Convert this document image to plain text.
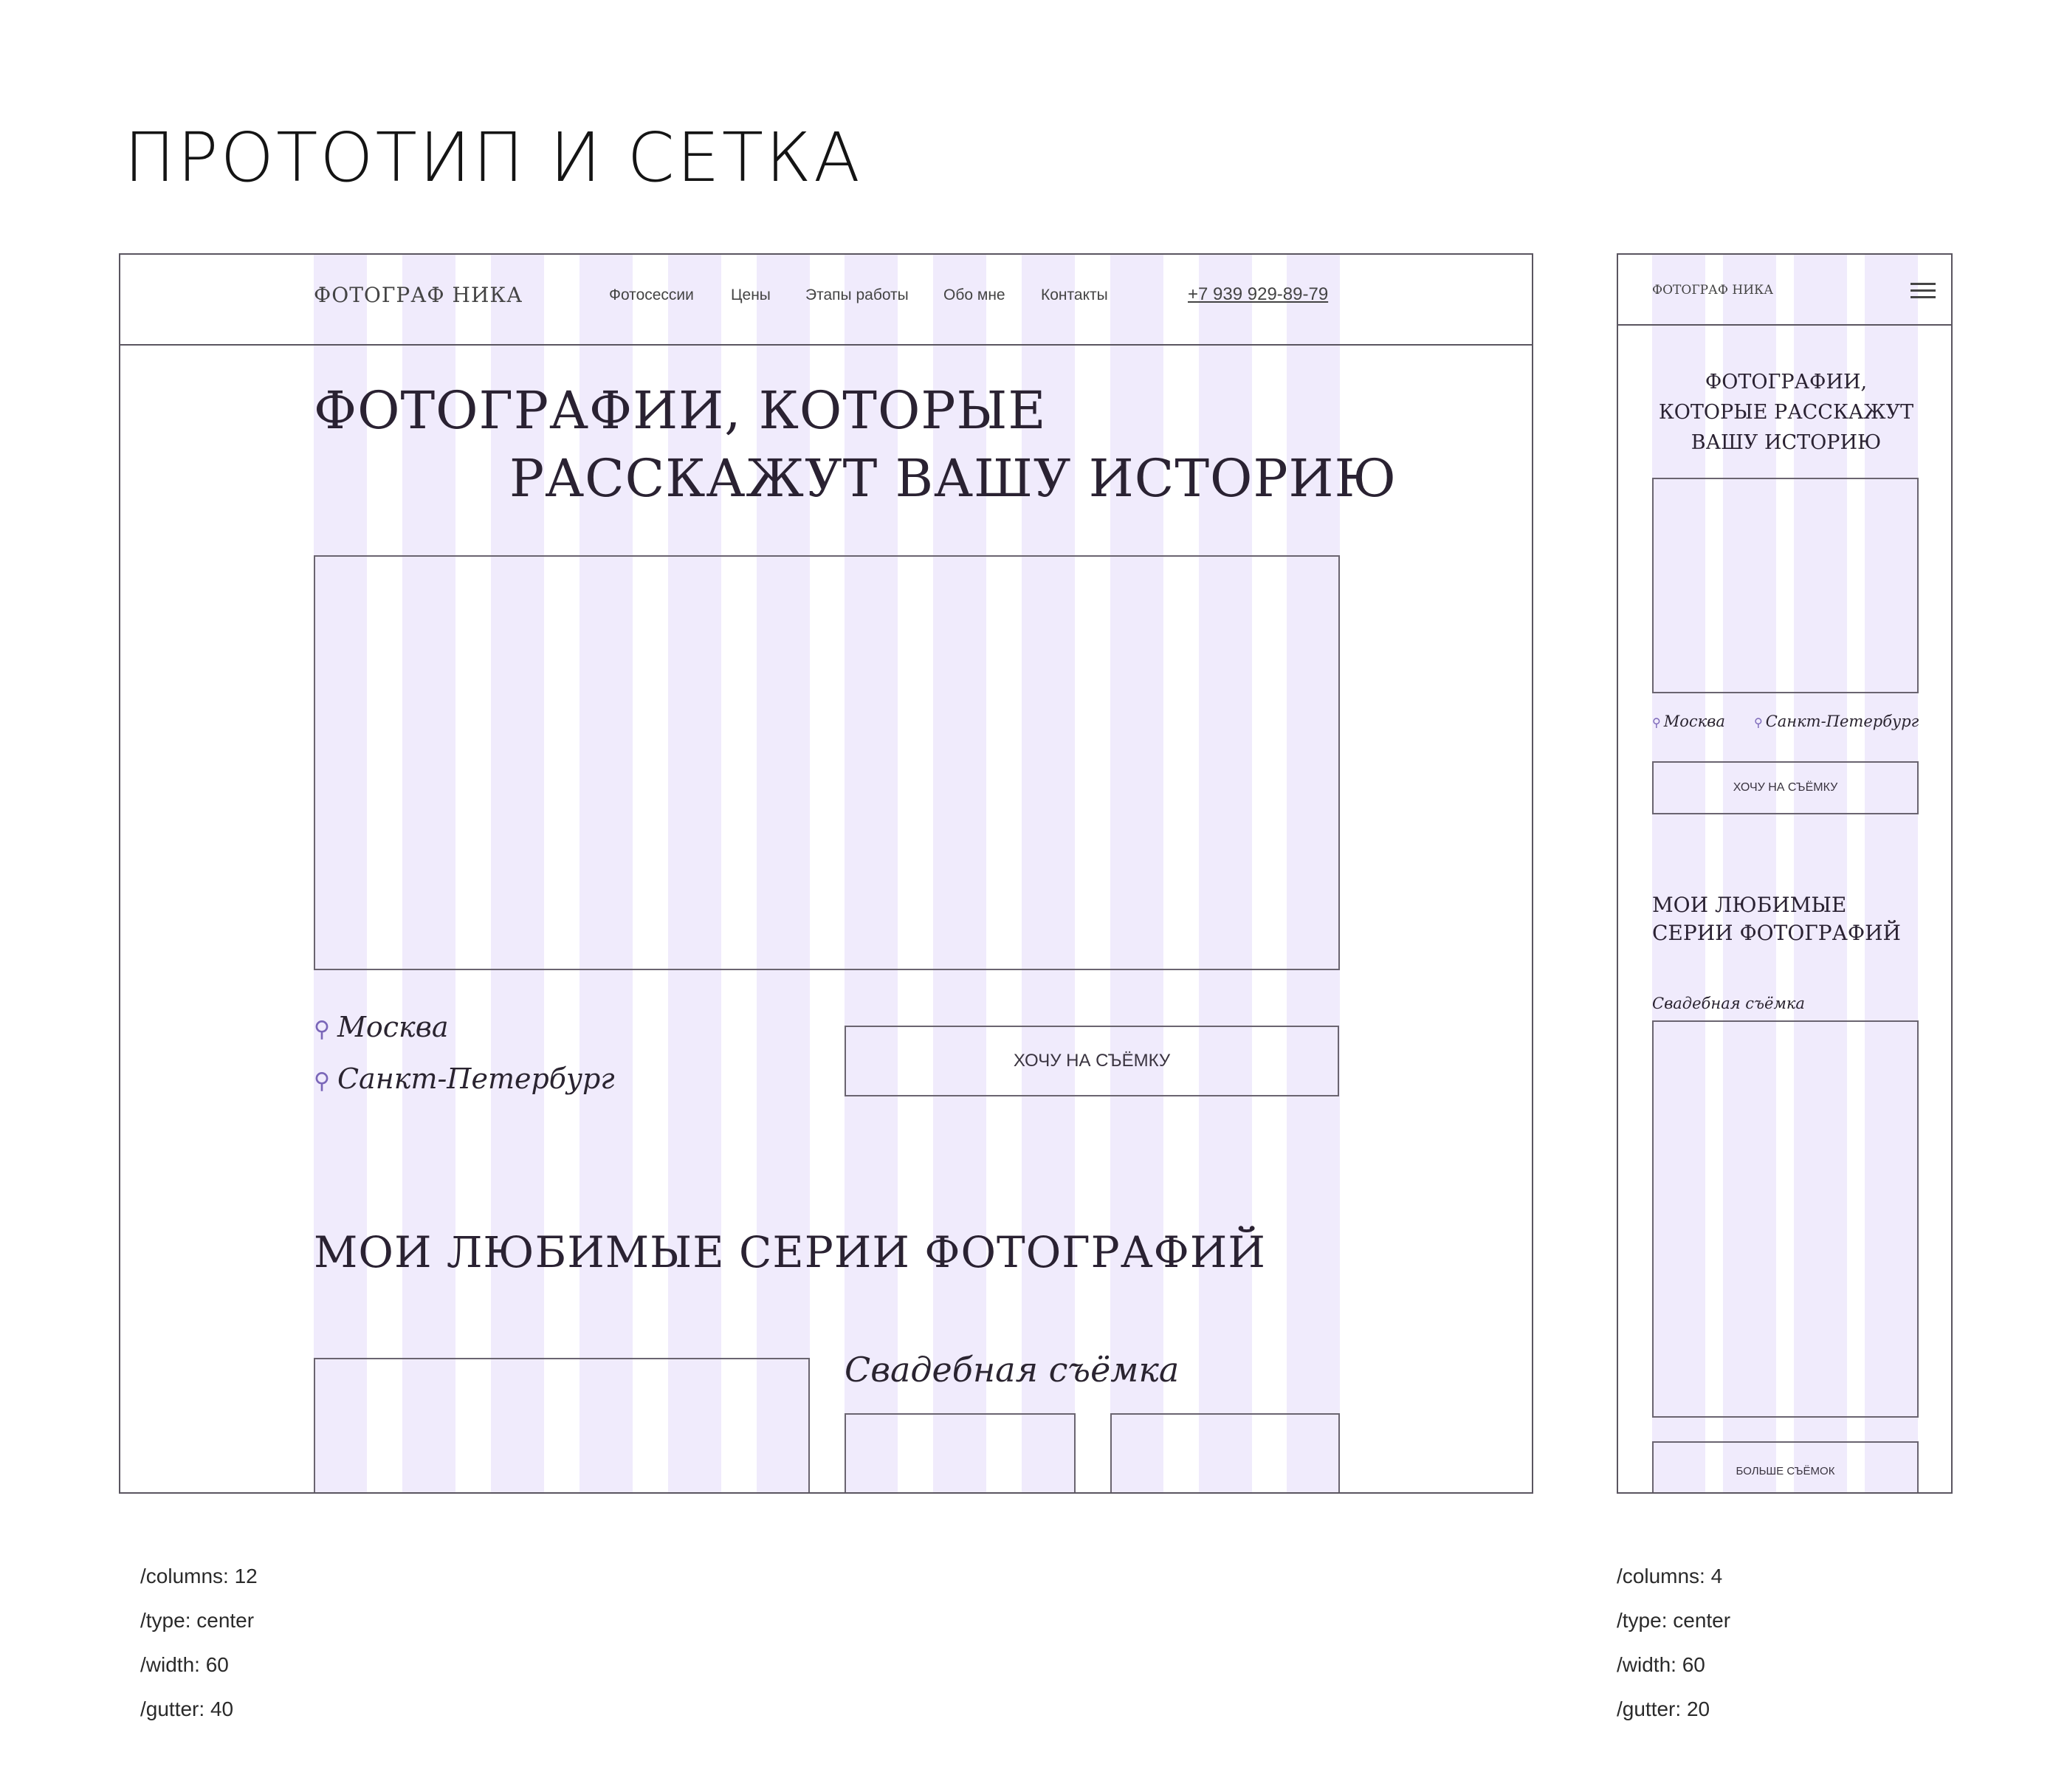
ПРОТОТИП И СЕТКА
ФОТОГРАФ НИКА	Фотосессии Цены Этапы работы Обо мне Контакты	+7 939 929-89-79
ФОТОГРАФИИ, КОТОРЫЕ
РАССКАЖУТ ВАШУ ИСТОРИЮ
⚲ Москва
⚲ Санкт-Петербург
ХОЧУ НА СЪЁМКУ
МОИ ЛЮБИМЫЕ СЕРИИ ФОТОГРАФИЙ
Свадебная съёмка
ФОТОГРАФ НИКА
ФОТОГРАФИИ,
КОТОРЫЕ РАССКАЖУТ
ВАШУ ИСТОРИЮ
⚲ Москва ⚲ Санкт-Петербург
ХОЧУ НА СЪЁМКУ
МОИ ЛЮБИМЫЕ
СЕРИИ ФОТОГРАФИЙ
Свадебная съёмка
БОЛЬШЕ СЪЁМОК
/columns: 12
/type: center
/width: 60
/gutter: 40
/columns: 4
/type: center
/width: 60
/gutter: 20
